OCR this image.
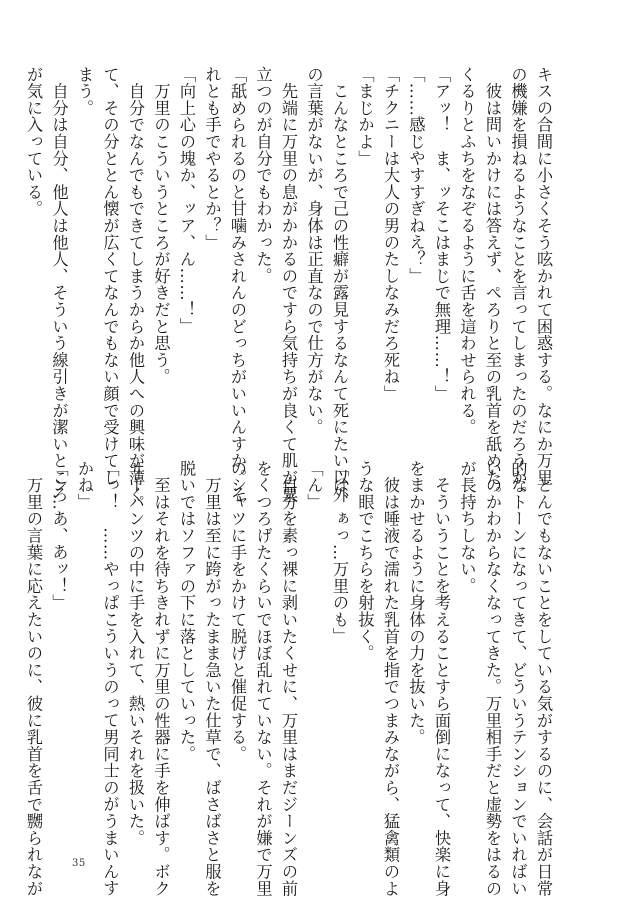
キスの合間に小さくそう呟かれて困惑する。なにか万里
の機嫌を損ねるようなことを言ってしまったのだろうか。
　彼は問いかけには答えず、ぺろりと至の乳首を舐めた。
くるりとふちをなぞるように舌を這わせられる。
「アッ！　ま、ッそこはまじで無理……！」
「……感じやすすぎねえ？」
「チクニーは大人の男のたしなみだろ死ね」
「まじかよ」
　こんなところで己の性癖が露見するなんて死にたい以外
の言葉がないが、身体は正直なので仕方がない。
　先端に万里の息がかかるのですら気持ちが良くて肌が粟
立つのが自分でもわかった。
「舐められるのと甘噛みされんのどっちがいいんすか。そ
れとも手でやるとか？」
「向上心の塊か、ッア、ん……！」
　万里のこういうところが好きだと思う。
　自分でなんでもできてしまうからか他人への興味が薄く
て、その分ととん懐が広くてなんでもない顔で受けてし
まう。
　自分は自分、他人は他人、そういう線引きが潔いところ
が気に入っている。
　とんでもないことをしている気がするのに、会話が日常
的なトーンになってきて、どういうテンションでいればい
いのかわからなくなってきた。万里相手だと虚勢をはるの
が長持ちしない。
　そういうことを考えることすら面倒になって、快楽に身
をまかせるように身体の力を抜いた。
　彼は唾液で濡れた乳首を指でつまみながら、猛禽類のよ
うな眼でこちらを射抜く。
「は、ぁっ…万里のも」
「ん」
　自分を素っ裸に剥いたくせに、万里はまだジーンズの前
をくつろげたくらいでほぼ乱れていない。それが嫌で万里
のシャツに手をかけて脱げと催促する。
　万里は至に跨がったまま急いた仕草で、ばさばさと服を
脱いではソファの下に落としていった。
　至はそれを待ちきれずに万里の性器に手を伸ばす。ボク
サーパンツの中に手を入れて、熱いそれを扱いた。
「っ！　……やっぱこういうのって男同士のがうまいんす
かね」
「ン…あ、あッ！」
　万里の言葉に応えたいのに、彼に乳首を舌で嬲られなが	35
